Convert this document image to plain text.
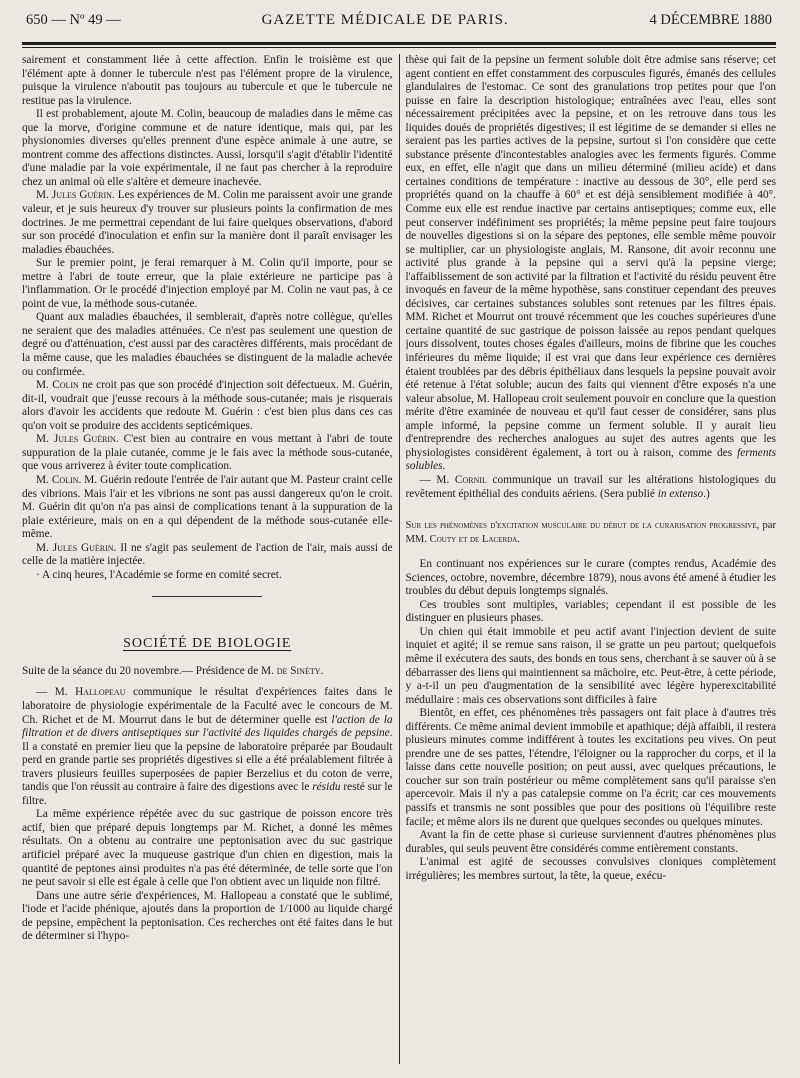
650 — Nº 49 —	GAZETTE MÉDICALE DE PARIS.	4 DÉCEMBRE 1880

sairement et constamment liée à cette affection. Enfin le troisième est que l'élément apte à donner le tubercule n'est pas l'élément propre de la virulence, puisque la virulence n'aboutit pas toujours au tubercule et que le tubercule ne restitue pas la virulence.

Il est probablement, ajoute M. Colin, beaucoup de maladies dans le même cas que la morve, d'origine commune et de nature identique, mais qui, par les physionomies diverses qu'elles prennent d'une espèce animale à une autre, se montrent comme des affections distinctes. Aussi, lorsqu'il s'agit d'établir l'identité d'une maladie par la voie expérimentale, il ne faut pas chercher à la reproduire chez un animal où elle s'altère et demeure inachevée.

M. Jules Guérin. Les expériences de M. Colin me paraissent avoir une grande valeur, et je suis heureux d'y trouver sur plusieurs points la confirmation de mes doctrines. Je me permettrai cependant de lui faire quelques observations, d'abord sur son procédé d'inoculation et enfin sur la manière dont il paraît envisager les maladies ébauchées.

Sur le premier point, je ferai remarquer à M. Colin qu'il importe, pour se mettre à l'abri de toute erreur, que la plaie extérieure ne participe pas à l'inflammation. Or le procédé d'injection employé par M. Colin ne vaut pas, à ce point de vue, la méthode sous-cutanée.

Quant aux maladies ébauchées, il semblerait, d'après notre collègue, qu'elles ne seraient que des maladies atténuées. Ce n'est pas seulement une question de degré ou d'atténuation, c'est aussi par des caractères différents, mais procédant de la même cause, que les maladies ébauchées se distinguent de la maladie achevée ou confirmée.

M. Colin ne croit pas que son procédé d'injection soit défectueux. M. Guérin, dit-il, voudrait que j'eusse recours à la méthode sous-cutanée; mais je risquerais alors d'avoir les accidents que redoute M. Guérin : c'est bien plus dans ces cas qu'on voit se produire des accidents septicémiques.

M. Jules Guérin. C'est bien au contraire en vous mettant à l'abri de toute suppuration de la plaie cutanée, comme je le fais avec la méthode sous-cutanée, que vous arriverez à éviter toute complication.

M. Colin. M. Guérin redoute l'entrée de l'air autant que M. Pasteur craint celle des vibrions. Mais l'air et les vibrions ne sont pas aussi dangereux qu'on le croit. M. Guérin dit qu'on n'a pas ainsi de complications tenant à la suppuration de la plaie extérieure, mais on en a qui dépendent de la méthode sous-cutanée elle-même.

M. Jules Guérin. Il ne s'agit pas seulement de l'action de l'air, mais aussi de celle de la matière injectée.

· A cinq heures, l'Académie se forme en comité secret.

SOCIÉTÉ DE BIOLOGIE

Suite de la séance du 20 novembre.— Présidence de M. de Sinéty.

— M. Hallopeau communique le résultat d'expériences faites dans le laboratoire de physiologie expérimentale de la Faculté avec le concours de M. Ch. Richet et de M. Mourrut dans le but de déterminer quelle est l'action de la filtration et de divers antiseptiques sur l'activité des liquides chargés de pepsine. Il a constaté en premier lieu que la pepsine de laboratoire préparée par Boudault perd en grande partie ses propriétés digestives si elle a été préalablement filtrée à travers plusieurs feuilles superposées de papier Berzelius et du coton de verre, tandis que l'on réussit au contraire à faire des digestions avec le résidu resté sur le filtre.

La même expérience répétée avec du suc gastrique de poisson encore très actif, bien que préparé depuis longtemps par M. Richet, a donné les mêmes résultats. On a obtenu au contraire une peptonisation avec du suc gastrique artificiel préparé avec la muqueuse gastrique d'un chien en digestion, mais la quantité de peptones ainsi produites n'a pas été déterminée, de telle sorte que l'on ne peut savoir si elle est égale à celle que l'on obtient avec un liquide non filtré.

Dans une autre série d'expériences, M. Hallopeau a constaté que le sublimé, l'iode et l'acide phénique, ajoutés dans la proportion de 1/1000 au liquide chargé de pepsine, empêchent la peptonisation. Ces recherches ont été faites dans le but de déterminer si l'hypo-

thèse qui fait de la pepsine un ferment soluble doit être admise sans réserve; cet agent contient en effet constamment des corpuscules figurés, émanés des cellules glandulaires de l'estomac. Ce sont des granulations trop petites pour que l'on puisse en faire la description histologique; entraînées avec l'eau, elles sont nécessairement précipitées avec la pepsine, et on les retrouve dans tous les liquides doués de propriétés digestives; il est légitime de se demander si elles ne seraient pas les parties actives de la pepsine, surtout si l'on considère que cette substance présente d'incontestables analogies avec les ferments figurés. Comme eux, en effet, elle n'agit que dans un milieu déterminé (milieu acide) et dans certaines conditions de température : inactive au dessous de 30°, elle perd ses propriétés quand on la chauffe à 60° et est déjà sensiblement modifiée à 40°. Comme eux elle est rendue inactive par certains antiseptiques; comme eux, elle peut conserver indéfiniment ses propriétés; la même pepsine peut faire toujours de nouvelles digestions si on la sépare des peptones, elle semble même pouvoir se multiplier, car un physiologiste anglais, M. Ransone, dit avoir reconnu une activité plus grande à la pepsine qui a servi qu'à la pepsine vierge; l'affaiblissement de son activité par la filtration et l'activité du résidu peuvent être invoqués en faveur de la même hypothèse, sans constituer cependant des preuves décisives, car certaines substances solubles sont retenues par les filtres épais. MM. Richet et Mourrut ont trouvé récemment que les couches supérieures d'une certaine quantité de suc gastrique de poisson laissée au repos pendant quelques jours dissolvent, toutes choses égales d'ailleurs, moins de fibrine que les couches inférieures du même liquide; il est vrai que dans leur expérience ces dernières étaient troublées par des débris épithéliaux dans lesquels la pepsine pouvait avoir été retenue à l'état soluble; aucun des faits qui viennent d'être exposés n'a une valeur absolue, M. Hallopeau croit seulement pouvoir en conclure que la question mérite d'être examinée de nouveau et qu'il faut cesser de considérer, sans plus ample informé, la pepsine comme un ferment soluble. Il y aurait lieu d'entreprendre des recherches analogues au sujet des autres agents que les physiologistes considèrent également, à tort ou à raison, comme des ferments solubles.

— M. Cornil communique un travail sur les altérations histologiques du revêtement épithélial des conduits aériens. (Sera publié in extenso.)

Sur les phénomènes d'excitation musculaire du début de la curarisation progressive, par MM. Couty et de Lacerda.

En continuant nos expériences sur le curare (comptes rendus, Académie des Sciences, octobre, novembre, décembre 1879), nous avons été amené à étudier les troubles du début depuis longtemps signalés.

Ces troubles sont multiples, variables; cependant il est possible de les distinguer en plusieurs phases.

Un chien qui était immobile et peu actif avant l'injection devient de suite inquiet et agité; il se remue sans raison, il se gratte un peu partout; quelquefois même il exécutera des sauts, des bonds en tous sens, cherchant à se sauver où à se débarrasser des liens qui maintiennent sa mâchoire, etc. Peut-être, à cette période, y a-t-il un peu d'augmentation de la sensibilité avec légère hyperexcitabilité médullaire : mais ces observations sont difficiles à faire

Bientôt, en effet, ces phénomènes très passagers ont fait place à d'autres très différents. Ce même animal devient immobile et apathique; déjà affaibli, il restera plusieurs minutes comme indifférent à toutes les excitations peu vives. On peut prendre une de ses pattes, l'étendre, l'éloigner ou la rapprocher du corps, et il la laisse dans cette nouvelle position; on peut aussi, avec quelques précautions, le coucher sur son train postérieur ou même complètement sans qu'il paraisse s'en apercevoir. Mais il n'y a pas catalepsie comme on l'a écrit; car ces mouvements passifs et transmis ne sont possibles que pour des positions où l'équilibre reste facile; et même alors ils ne durent que quelques secondes ou quelques minutes.

Avant la fin de cette phase si curieuse surviennent d'autres phénomènes plus durables, qui seuls peuvent être considérés comme entièrement constants.

L'animal est agité de secousses convulsives cloniques complètement irrégulières; les membres surtout, la tête, la queue, exécu-
